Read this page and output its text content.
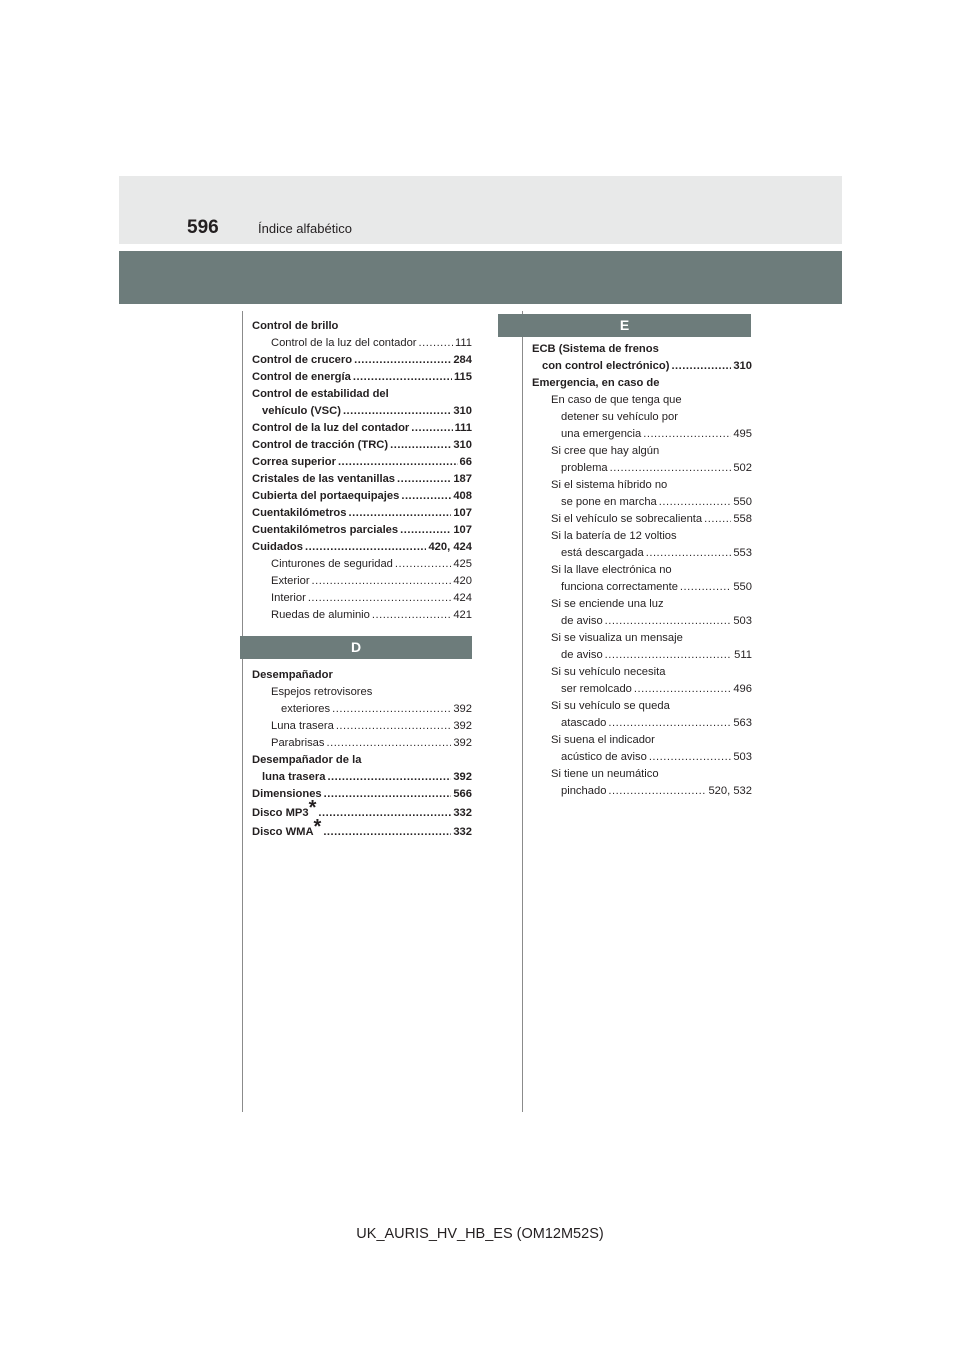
596	Índice alfabético
Control de brillo
Control de la luz del contador .....	111
Control de crucero .....	284
Control de energía .....	115
Control de estabilidad del
vehículo (VSC) .....	310
Control de la luz del contador .....	111
Control de tracción (TRC) .....	310
Correa superior .....	66
Cristales de las ventanillas .....	187
Cubierta del portaequipajes .....	408
Cuentakilómetros .....	107
Cuentakilómetros parciales .....	107
Cuidados .....	420, 424
Cinturones de seguridad .....	425
Exterior .....	420
Interior .....	424
Ruedas de aluminio .....	421
D
Desempañador
Espejos retrovisores
exteriores .....	392
Luna trasera .....	392
Parabrisas .....	392
Desempañador de la
luna trasera .....	392
Dimensiones .....	566
Disco MP3* .....	332
Disco WMA* .....	332
E
ECB (Sistema de frenos
con control electrónico) .....	310
Emergencia, en caso de
En caso de que tenga que
detener su vehículo por
una emergencia .....	495
Si cree que hay algún
problema .....	502
Si el sistema híbrido no
se pone en marcha .....	550
Si el vehículo se sobrecalienta .....	558
Si la batería de 12 voltios
está descargada .....	553
Si la llave electrónica no
funciona correctamente .....	550
Si se enciende una luz
de aviso .....	503
Si se visualiza un mensaje
de aviso .....	511
Si su vehículo necesita
ser remolcado .....	496
Si su vehículo se queda
atascado .....	563
Si suena el indicador
acústico de aviso .....	503
Si tiene un neumático
pinchado .....	520, 532
UK_AURIS_HV_HB_ES (OM12M52S)
